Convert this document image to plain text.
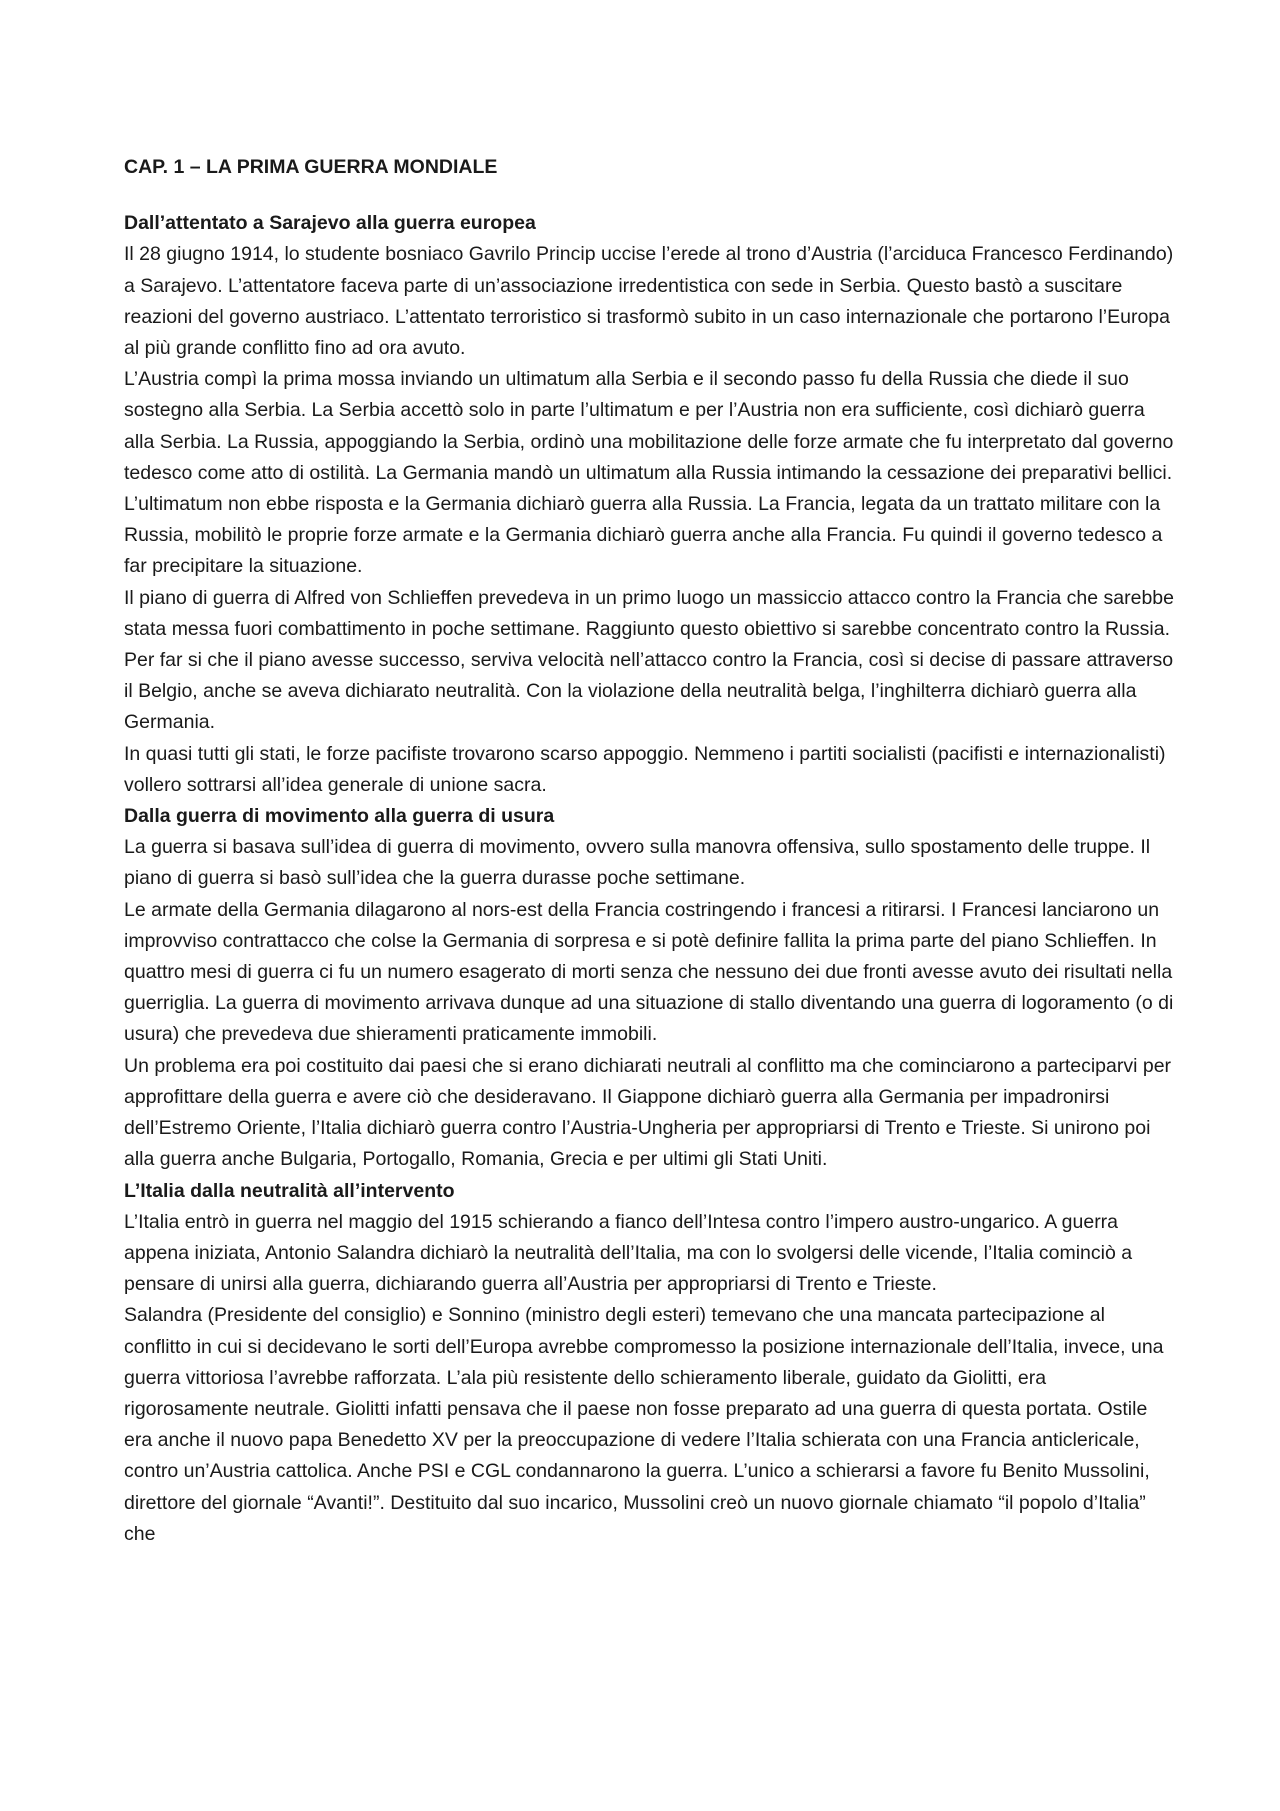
CAP. 1 – LA PRIMA GUERRA MONDIALE
Dall’attentato a Sarajevo alla guerra europea

Il 28 giugno 1914, lo studente bosniaco Gavrilo Princip uccise l’erede al trono d’Austria (l’arciduca Francesco Ferdinando) a Sarajevo. L’attentatore faceva parte di un’associazione irredentistica con sede in Serbia. Questo bastò a suscitare reazioni del governo austriaco. L’attentato terroristico si trasformò subito in un caso internazionale che portarono l’Europa al più grande conflitto fino ad ora avuto.

L’Austria compì la prima mossa inviando un ultimatum alla Serbia e il secondo passo fu della Russia che diede il suo sostegno alla Serbia. La Serbia accettò solo in parte l’ultimatum e per l’Austria non era sufficiente, così dichiarò guerra alla Serbia. La Russia, appoggiando la Serbia, ordinò una mobilitazione delle forze armate che fu interpretato dal governo tedesco come atto di ostilità. La Germania mandò un ultimatum alla Russia intimando la cessazione dei preparativi bellici. L’ultimatum non ebbe risposta e la Germania dichiarò guerra alla Russia. La Francia, legata da un trattato militare con la Russia, mobilitò le proprie forze armate e la Germania dichiarò guerra anche alla Francia. Fu quindi il governo tedesco a far precipitare la situazione.

Il piano di guerra di Alfred von Schlieffen prevedeva in un primo luogo un massiccio attacco contro la Francia che sarebbe stata messa fuori combattimento in poche settimane. Raggiunto questo obiettivo si sarebbe concentrato contro la Russia. Per far si che il piano avesse successo, serviva velocità nell’attacco contro la Francia, così si decise di passare attraverso il Belgio, anche se aveva dichiarato neutralità. Con la violazione della neutralità belga, l’inghilterra dichiarò guerra alla Germania.

In quasi tutti gli stati, le forze pacifiste trovarono scarso appoggio. Nemmeno i partiti socialisti (pacifisti e internazionalisti) vollero sottrarsi all’idea generale di unione sacra.

Dalla guerra di movimento alla guerra di usura

La guerra si basava sull’idea di guerra di movimento, ovvero sulla manovra offensiva, sullo spostamento delle truppe. Il piano di guerra si basò sull’idea che la guerra durasse poche settimane.

Le armate della Germania dilagarono al nors-est della Francia costringendo i francesi a ritirarsi. I Francesi lanciarono un improvviso contrattacco che colse la Germania di sorpresa e si potè definire fallita la prima parte del piano Schlieffen. In quattro mesi di guerra ci fu un numero esagerato di morti senza che nessuno dei due fronti avesse avuto dei risultati nella guerriglia. La guerra di movimento arrivava dunque ad una situazione di stallo diventando una guerra di logoramento (o di usura) che prevedeva due shieramenti praticamente immobili.

Un problema era poi costituito dai paesi che si erano dichiarati neutrali al conflitto ma che cominciarono a parteciparvi per approfittare della guerra e avere ciò che desideravano. Il Giappone dichiarò guerra alla Germania per impadronirsi dell’Estremo Oriente, l’Italia dichiarò guerra contro l’Austria-Ungheria per appropriarsi di Trento e Trieste. Si unirono poi alla guerra anche Bulgaria, Portogallo, Romania, Grecia e per ultimi gli Stati Uniti.

L’Italia dalla neutralità all’intervento

L’Italia entrò in guerra nel maggio del 1915 schierando a fianco dell’Intesa contro l’impero austro-ungarico. A guerra appena iniziata, Antonio Salandra dichiarò la neutralità dell’Italia, ma con lo svolgersi delle vicende, l’Italia cominciò a pensare di unirsi alla guerra, dichiarando guerra all’Austria per appropriarsi di Trento e Trieste.

Salandra (Presidente del consiglio) e Sonnino (ministro degli esteri) temevano che una mancata partecipazione al conflitto in cui si decidevano le sorti dell’Europa avrebbe compromesso la posizione internazionale dell’Italia, invece, una guerra vittoriosa l’avrebbe rafforzata. L’ala più resistente dello schieramento liberale, guidato da Giolitti, era rigorosamente neutrale. Giolitti infatti pensava che il paese non fosse preparato ad una guerra di questa portata. Ostile era anche il nuovo papa Benedetto XV per la preoccupazione di vedere l’Italia schierata con una Francia anticlericale, contro un’Austria cattolica. Anche PSI e CGL condannarono la guerra. L’unico a schierarsi a favore fu Benito Mussolini, direttore del giornale “Avanti!”. Destituito dal suo incarico, Mussolini creò un nuovo giornale chiamato “il popolo d’Italia” che
